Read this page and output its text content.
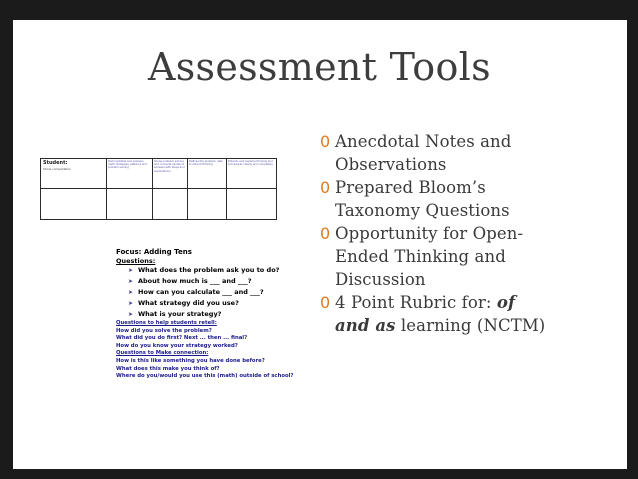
Assessment Tools
Student:
Show computation
Demonstrates and explains math strategies, patterns and problem solving
Shows problem solving and connects sentence answers with steps and explanations
Defines the problem, able to extend thinking
Extends and explains thinking and procedures clearly and completely
Focus: Adding Tens
Questions:
➤ What does the problem ask you to do?
➤ About how much is ___ and ___?
➤ How can you calculate ___ and ___?
➤ What strategy did you use?
➤ What is your strategy?
Questions to help students retell:
How did you solve the problem?
What did you do first? Next ... then ... final?
How do you know your strategy worked?
Questions to Make connection:
How is this like something you have done before?
What does this make you think of?
Where do you/would you use this (math) outside of school?
0 Anecdotal Notes and Observations
0 Prepared Bloom’s Taxonomy Questions
0 Opportunity for Open-Ended Thinking and Discussion
0 4 Point Rubric for: of
and as learning (NCTM)
